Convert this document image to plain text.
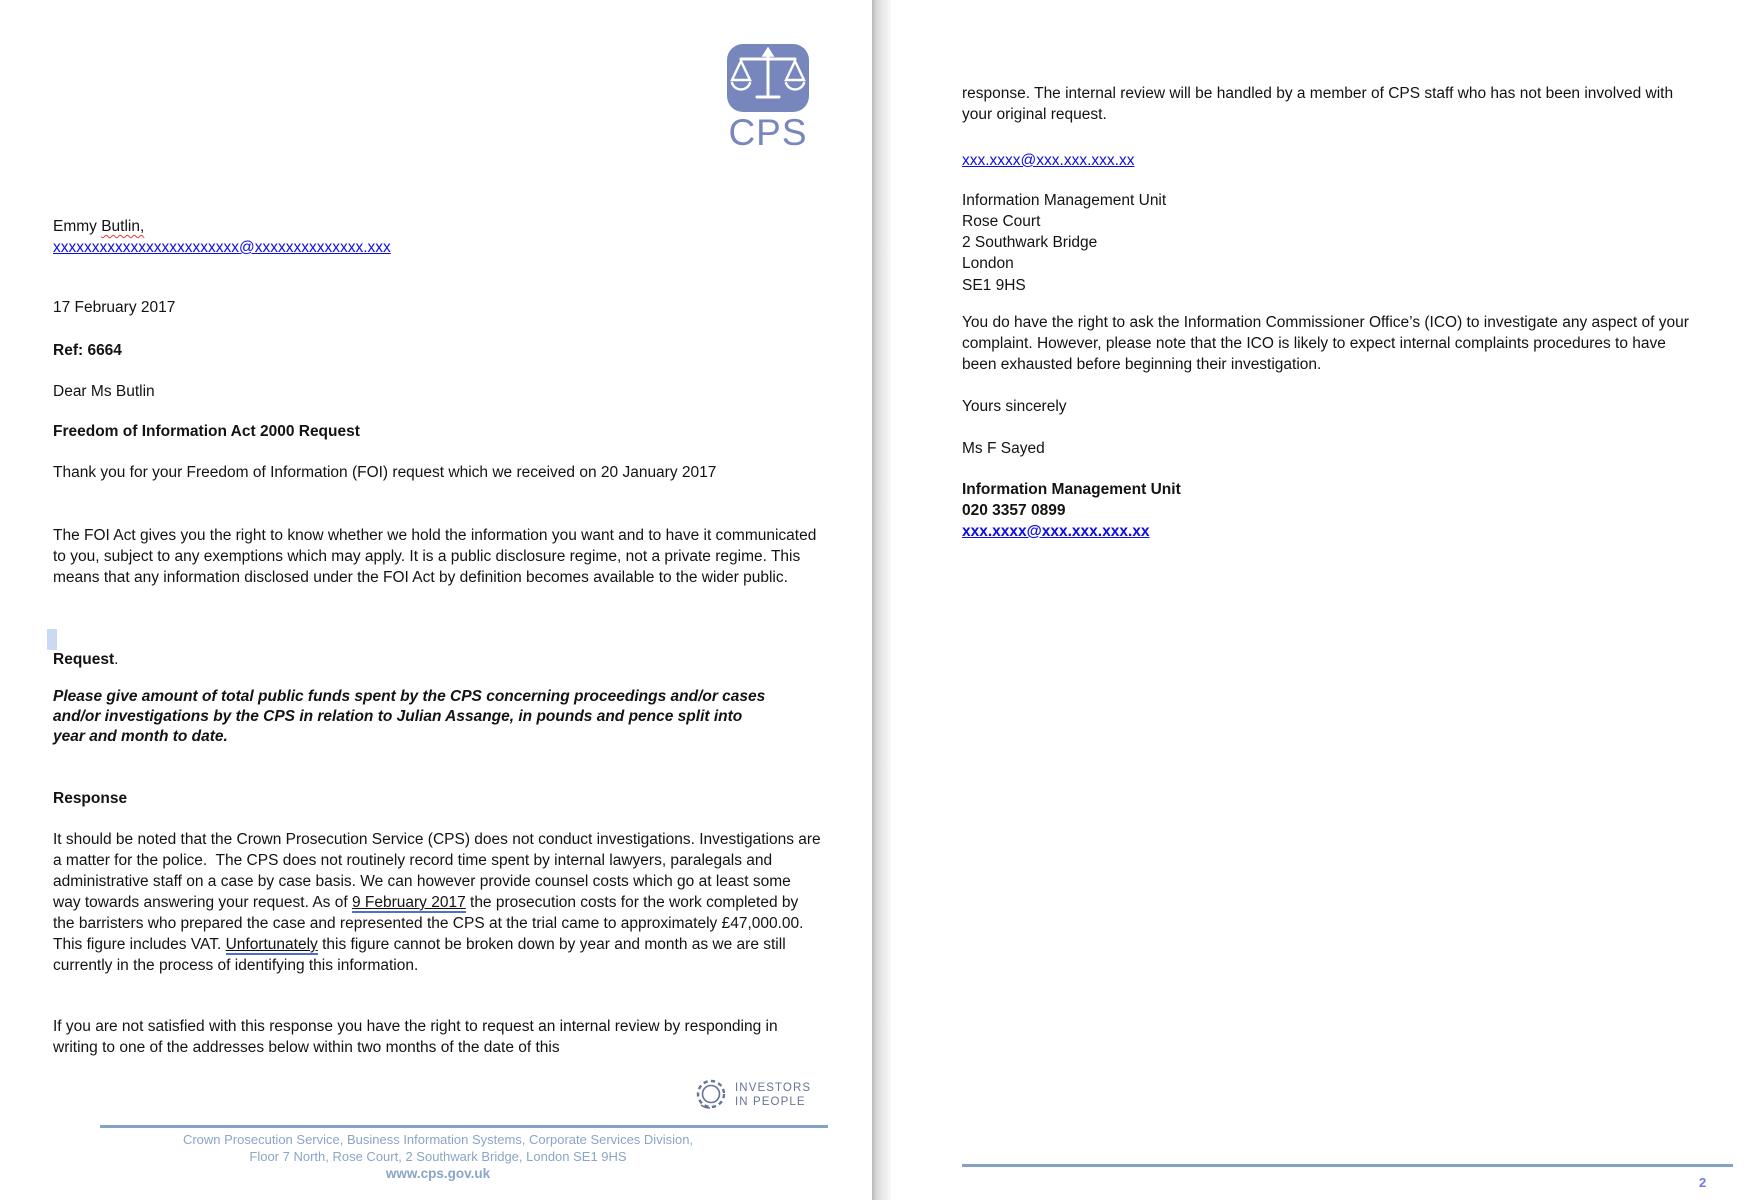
CPS
Emmy Butlin,
xxxxxxxxxxxxxxxxxxxxxxxx@xxxxxxxxxxxxxx.xxx
17 February 2017
Ref: 6664
Dear Ms Butlin
Freedom of Information Act 2000 Request
Thank you for your Freedom of Information (FOI) request which we received on 20 January 2017
The FOI Act gives you the right to know whether we hold the information you want and to have it communicated to you, subject to any exemptions which may apply. It is a public disclosure regime, not a private regime. This means that any information disclosed under the FOI Act by definition becomes available to the wider public.
Request.
Please give amount of total public funds spent by the CPS concerning proceedings and/or cases and/or investigations by the CPS in relation to Julian Assange, in pounds and pence split into year and month to date.
Response
It should be noted that the Crown Prosecution Service (CPS) does not conduct investigations. Investigations are a matter for the police.  The CPS does not routinely record time spent by internal lawyers, paralegals and administrative staff on a case by case basis. We can however provide counsel costs which go at least some way towards answering your request. As of 9 February 2017 the prosecution costs for the work completed by the barristers who prepared the case and represented the CPS at the trial came to approximately £47,000.00. This figure includes VAT. Unfortunately this figure cannot be broken down by year and month as we are still currently in the process of identifying this information.
If you are not satisfied with this response you have the right to request an internal review by responding in writing to one of the addresses below within two months of the date of this
INVESTORS
IN PEOPLE
Crown Prosecution Service, Business Information Systems, Corporate Services Division,
Floor 7 North, Rose Court, 2 Southwark Bridge, London SE1 9HS
www.cps.gov.uk
response. The internal review will be handled by a member of CPS staff who has not been involved with your original request.
xxx.xxxx@xxx.xxx.xxx.xx
Information Management Unit
Rose Court
2 Southwark Bridge
London
SE1 9HS
You do have the right to ask the Information Commissioner Office’s (ICO) to investigate any aspect of your complaint. However, please note that the ICO is likely to expect internal complaints procedures to have been exhausted before beginning their investigation.
Yours sincerely
Ms F Sayed
Information Management Unit
020 3357 0899
xxx.xxxx@xxx.xxx.xxx.xx
2
